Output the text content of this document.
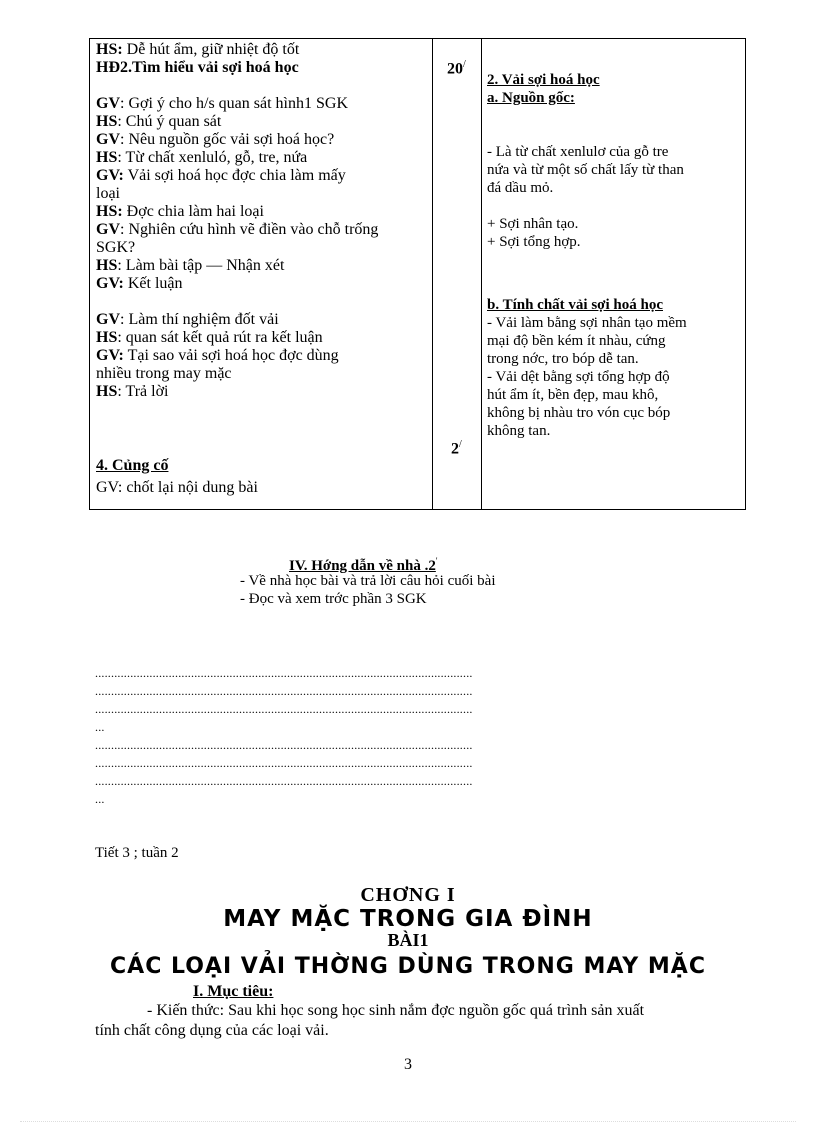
HS: Dễ hút ẩm, giữ nhiệt độ tốt
HĐ2.Tìm hiểu vải sợi hoá học
GV: Gợi ý cho h/s quan sát hình1 SGK
HS: Chú ý quan sát
GV: Nêu nguồn gốc vải sợi hoá học?
HS: Từ chất xenluló, gỗ, tre, nứa
GV: Vải sợi hoá học đợc chia làm mấy
loại
HS: Đợc chia làm hai loại
GV: Nghiên cứu hình vẽ điền vào chỗ trống
SGK?
HS: Làm bài tập — Nhận xét
GV: Kết luận
GV: Làm thí nghiệm đốt vải
HS: quan sát kết quả rút ra kết luận
GV: Tại sao vải sợi hoá học đợc dùng
nhiều trong may mặc
HS: Trả lời
4. Củng cố
GV: chốt lại nội dung bài
20/
2/
2. Vải sợi hoá học
a. Nguồn gốc:
- Là từ chất xenlulơ của gỗ tre
nứa và từ một số chất lấy từ than
đá dầu mỏ.
+ Sợi nhân tạo.
+ Sợi tổng hợp.
b. Tính chất vải sợi hoá học
- Vải làm bằng sợi nhân tạo mềm
mại độ bền kém ít nhàu, cứng
trong nớc, tro bóp dễ tan.
- Vải dệt bằng sợi tổng hợp độ
hút ẩm ít, bền đẹp, mau khô,
không bị nhàu tro vón cục bóp
không tan.
IV. Hớng dẫn về nhà .2'
- Về nhà học bài và trả lời câu hỏi cuối bài
- Đọc và xem trớc phần 3 SGK
......................................................................................................................
......................................................................................................................
......................................................................................................................
...
......................................................................................................................
......................................................................................................................
......................................................................................................................
...
Tiết 3 ; tuần 2
CHƠNG I
MAY MẶC TRONG GIA ĐÌNH
BÀI1
CÁC LOẠI VẢI THỜNG DÙNG TRONG MAY MẶC
I. Mục tiêu:
- Kiến thức: Sau khi học song học sinh nắm đợc nguồn gốc quá trình sản xuất
tính chất công dụng của các loại vải.
3
